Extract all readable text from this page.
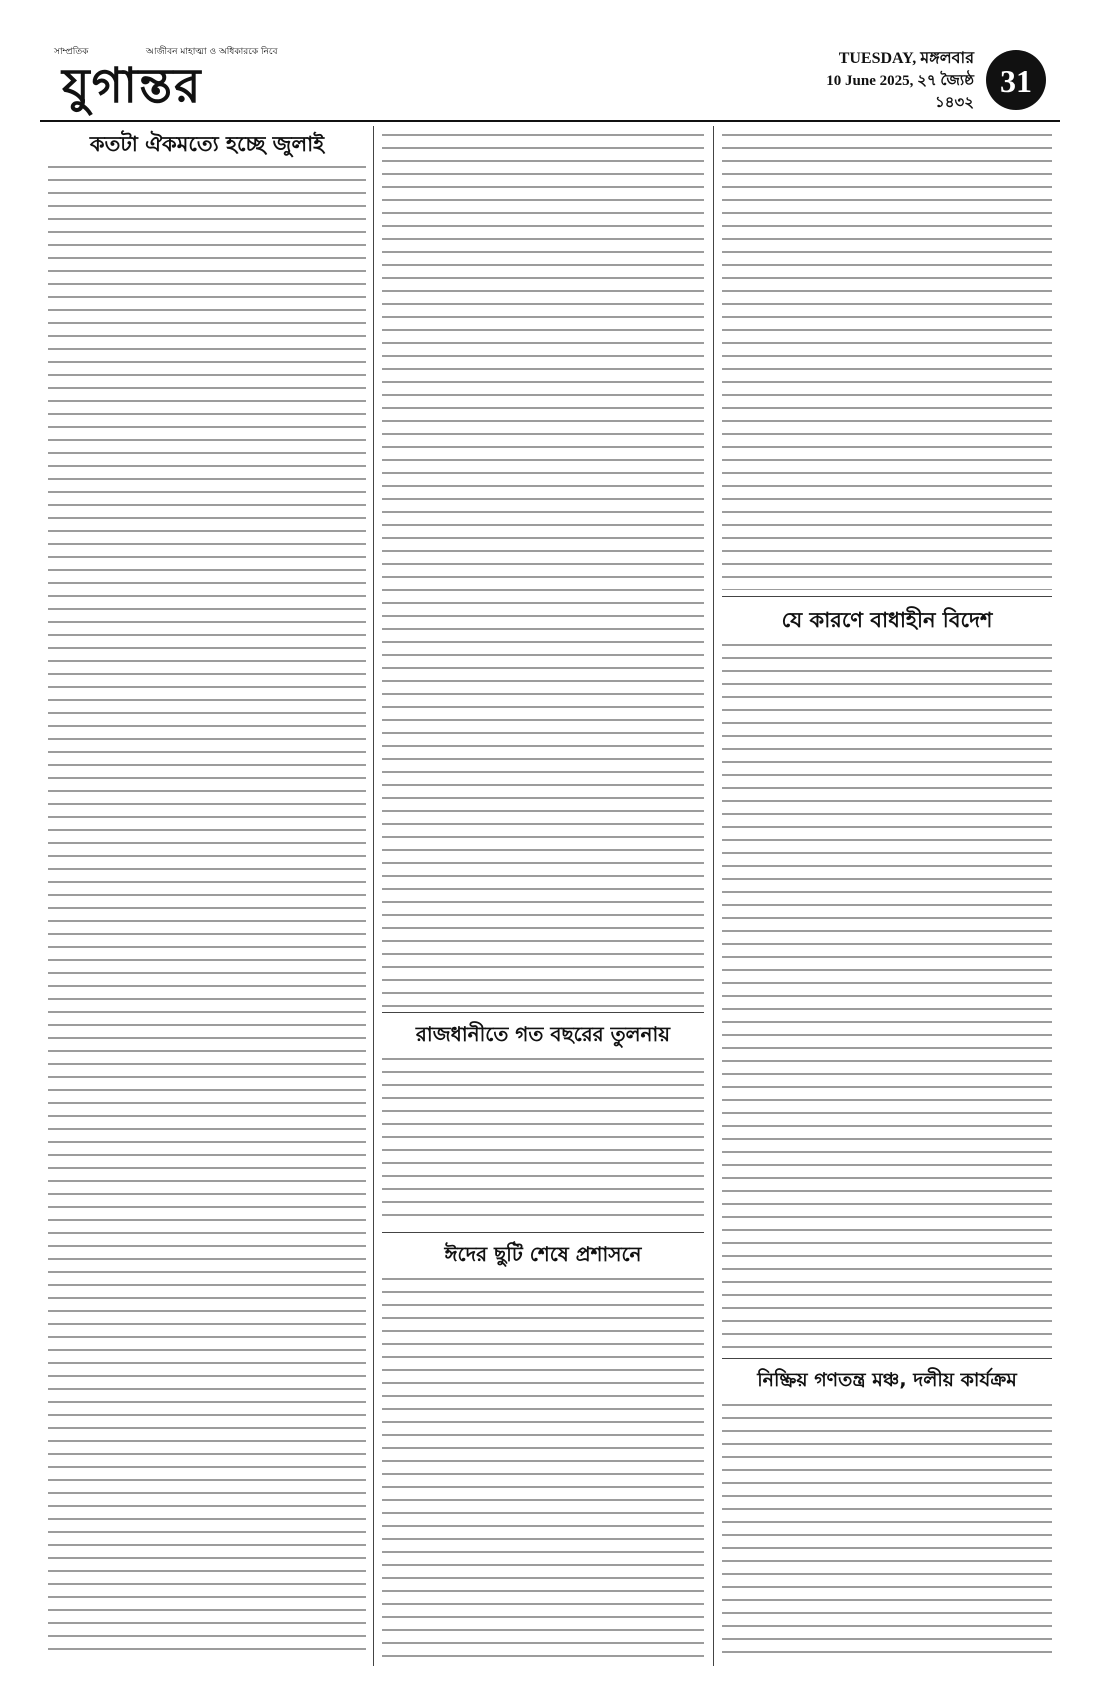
সাম্প্রতিক	আজীবন মাহাত্মা ও অধিকারকে নিবে
যুগান্তর	TUESDAY, মঙ্গলবার
10 June 2025, ২৭ জ্যৈষ্ঠ ১৪৩২
31
কতটা ঐকমত্যে হচ্ছে জুলাই
রাজধানীতে গত বছরের তুলনায়
ঈদের ছুটি শেষে প্রশাসনে
যে কারণে বাধাহীন বিদেশ
নিষ্ক্রিয় গণতন্ত্র মঞ্চ, দলীয় কার্যক্রম
